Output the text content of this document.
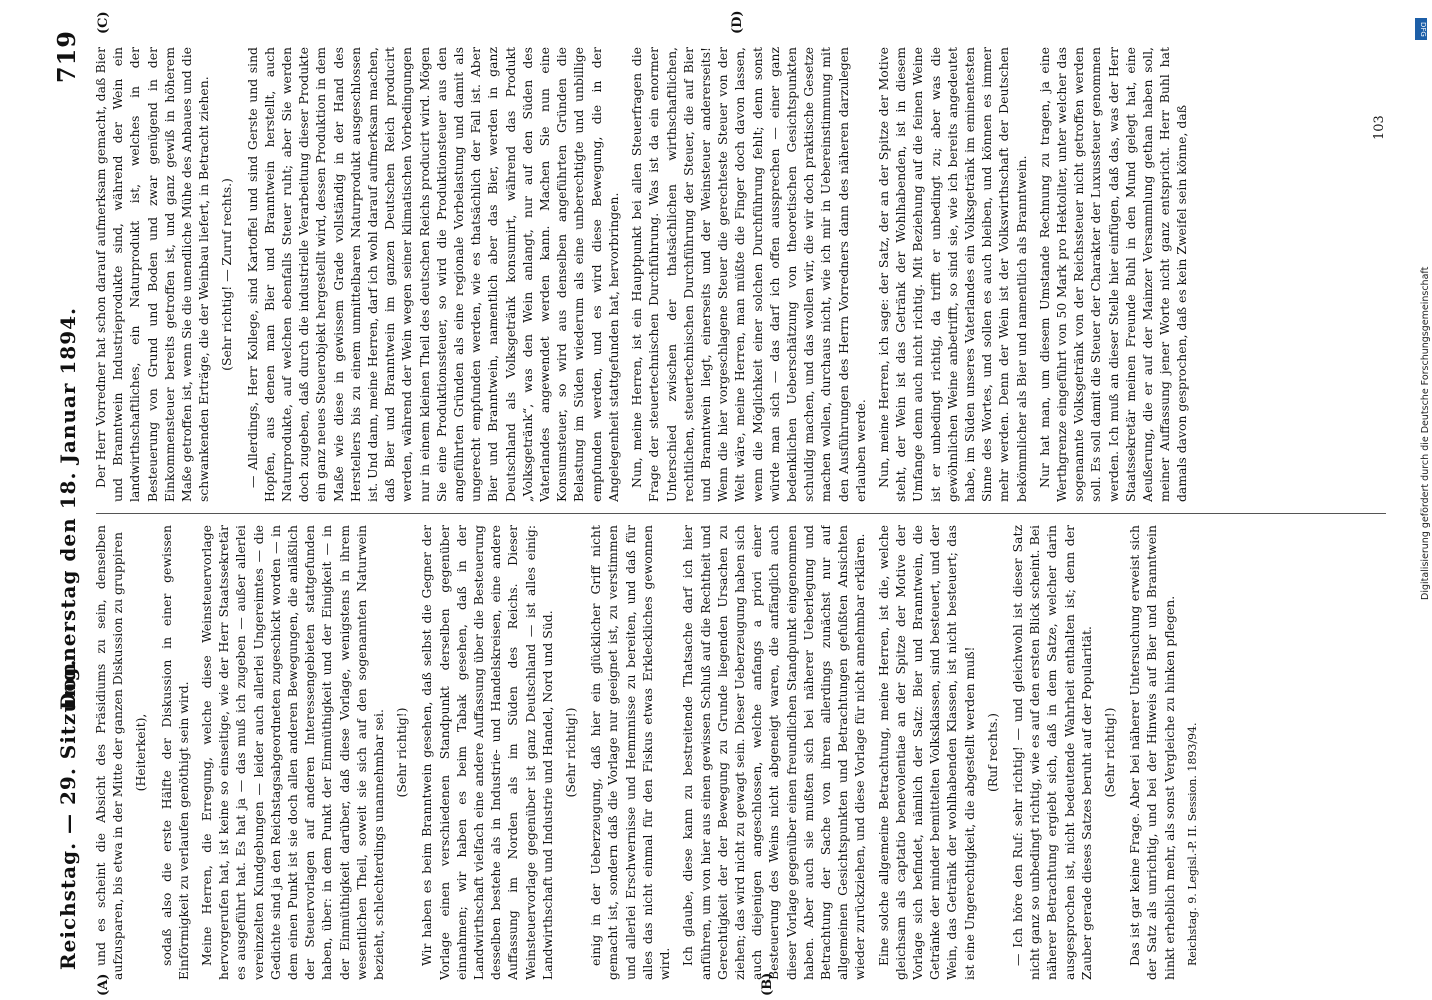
Reichstag. — 29. Sitzung.
Donnerstag den 18. Januar 1894.
719
(A)	(B)
(C)	(D)

und es scheint die Absicht des Präsidiums zu sein, denselben aufzusparen, bis etwa in der Mitte der ganzen Diskussion zu gruppiren (Heiterkeit), sodaß also die erste Hälfte der Diskussion in einer gewissen Einförmigkeit zu verlaufen genöthigt sein wird. Meine Herren, die Erregung, welche diese Weinsteuervorlage hervorgerufen hat, ist keine so einseitige, wie der Herr Staatssekretär es ausgeführt hat. Es hat ja — das muß ich zugeben — außer allerlei vereinzelten Kundgebungen — leider auch allerlei Ungereimtes — die Gedichte sind ja den Reichstagsabgeordneten zugeschickt worden — in dem einen Punkt ist sie doch allen anderen Bewegungen, die anläßlich der Steuervorlagen auf anderen Interessengebieten stattgefunden haben, über: in dem Punkt der Einmüthigkeit und der Einigkeit — in der Einmüthigkeit darüber, daß diese Vorlage, wenigstens in ihrem wesentlichen Theil, soweit sie sich auf den sogenannten Naturwein bezieht, schlechterdings unannehmbar sei. (Sehr richtig!) Wir haben es beim Branntwein gesehen, daß selbst die Gegner der Vorlage einen verschiedenen Standpunkt derselben gegenüber einnahmen; wir haben es beim Tabak gesehen, daß in der Landwirthschaft vielfach eine andere Auffassung über die Besteuerung desselben bestehe als in Industrie- und Handelskreisen, eine andere Auffassung im Norden als im Süden des Reichs. Dieser Weinsteuervorlage gegenüber ist ganz Deutschland — ist alles einig: Landwirthschaft und Industrie und Handel, Nord und Süd. (Sehr richtig!) einig in der Ueberzeugung, daß hier ein glücklicher Griff nicht gemacht ist, sondern daß die Vorlage nur geeignet ist, zu verstimmen und allerlei Erschwernisse und Hemmnisse zu bereiten, und daß für alles das nicht einmal für den Fiskus etwas Erkleckliches gewonnen wird. Ich glaube, diese kann zu bestreitende Thatsache darf ich hier anführen, um von hier aus einen gewissen Schluß auf die Rechtheit und Gerechtigkeit der der Bewegung zu Grunde liegenden Ursachen zu ziehen; das wird nicht zu gewagt sein. Dieser Ueberzeugung haben sich auch diejenigen angeschlossen, welche anfangs a priori einer Besteuerung des Weins nicht abgeneigt waren, die anfänglich auch dieser Vorlage gegenüber einen freundlichen Standpunkt eingenommen haben. Aber auch sie mußten sich bei näherer Ueberlegung und Betrachtung der Sache von ihren allerdings zunächst nur auf allgemeinen Gesichtspunkten und Betrachtungen gefußten Ansichten wieder zurückziehen, und diese Vorlage für nicht annehmbar erklären. Eine solche allgemeine Betrachtung, meine Herren, ist die, welche gleichsam als captatio benevolentiae an der Spitze der Motive der Vorlage sich befindet, nämlich der Satz: Bier und Branntwein, die Getränke der minder bemittelten Volksklassen, sind besteuert, und der Wein, das Getränk der wohlhabenden Klassen, ist nicht besteuert; das ist eine Ungerechtigkeit, die abgestellt werden muß! (Ruf rechts.) — Ich höre den Ruf: sehr richtig! — und gleichwohl ist dieser Satz nicht ganz so unbedingt richtig, wie es auf den ersten Blick scheint. Bei näherer Betrachtung ergiebt sich, daß in dem Satze, welcher darin ausgesprochen ist, nicht bedeutende Wahrheit enthalten ist; denn der Zauber gerade dieses Satzes beruht auf der Popularität. (Sehr richtig!) Das ist gar keine Frage. Aber bei näherer Untersuchung erweist sich der Satz als unrichtig, und bei der Hinweis auf Bier und Branntwein hinkt erheblich mehr, als sonst Vergleiche zu hinken pflegen. Reichstag. 9. Legisl.-P. II. Session. 1893/94.

Der Herr Vorredner hat schon darauf aufmerksam gemacht, daß Bier und Branntwein Industrieprodukte sind, während der Wein ein landwirthschaftliches, ein Naturprodukt ist, welches in der Besteuerung von Grund und Boden und zwar genügend in der Einkommensteuer bereits getroffen ist, und ganz gewiß in höherem Maße getroffen ist, wenn Sie die unendliche Mühe des Anbaues und die schwankenden Erträge, die der Weinbau liefert, in Betracht ziehen. (Sehr richtig! — Zuruf rechts.) — Allerdings, Herr Kollege, sind Kartoffel und sind Gerste und sind Hopfen, aus denen man Bier und Branntwein herstellt, auch Naturprodukte, auf welchen ebenfalls Steuer ruht; aber Sie werden doch zugeben, daß durch die industrielle Verarbeitung dieser Produkte ein ganz neues Steuerobjekt hergestellt wird, dessen Produktion in dem Maße wie diese in gewissem Grade vollständig in der Hand des Herstellers bis zu einem unmittelbaren Naturprodukt ausgeschlossen ist. Und dann, meine Herren, darf ich wohl darauf aufmerksam machen, daß Bier und Branntwein im ganzen Deutschen Reich producirt werden, während der Wein wegen seiner klimatischen Vorbedingungen nur in einem kleinen Theil des deutschen Reichs producirt wird. Mögen Sie eine Produktionssteuer, so wird die Produktionsteuer aus den angeführten Gründen als eine regionale Vorbelastung und damit als ungerecht empfunden werden, wie es thatsächlich der Fall ist. Aber Bier und Branntwein, namentlich aber das Bier, werden in ganz Deutschland als Volksgetränk konsumirt, während das Produkt „Volksgetränk“, was den Wein anlangt, nur auf den Süden des Vaterlandes angewendet werden kann. Machen Sie nun eine Konsumsteuer, so wird aus denselben angeführten Gründen die Belastung im Süden wiederum als eine unberechtigte und unbillige empfunden werden, und es wird diese Bewegung, die in der Angelegenheit stattgefunden hat, hervorbringen. Nun, meine Herren, ist ein Hauptpunkt bei allen Steuerfragen die Frage der steuertechnischen Durchführung. Was ist da ein enormer Unterschied zwischen der thatsächlichen wirthschaftlichen, rechtlichen, steuertechnischen Durchführung der Steuer, die auf Bier und Branntwein liegt, einerseits und der Weinsteuer andererseits! Wenn die hier vorgeschlagene Steuer die gerechteste Steuer von der Welt wäre, meine Herren, man müßte die Finger doch davon lassen, wenn die Möglichkeit einer solchen Durchführung fehlt; denn sonst würde man sich — das darf ich offen aussprechen — einer ganz bedenklichen Ueberschätzung von theoretischen Gesichtspunkten schuldig machen, und das wollen wir, die wir doch praktische Gesetze machen wollen, durchaus nicht, wie ich mir in Uebereinstimmung mit den Ausführungen des Herrn Vorredners dann des näheren darzulegen erlauben werde. Nun, meine Herren, ich sage: der Satz, der an der Spitze der Motive steht, der Wein ist das Getränk der Wohlhabenden, ist in diesem Umfange denn auch nicht richtig. Mit Beziehung auf die feinen Weine ist er unbedingt richtig, da trifft er unbedingt zu; aber was die gewöhnlichen Weine anbetrifft, so sind sie, wie ich bereits angedeutet habe, im Süden unseres Vaterlandes ein Volksgetränk im eminentesten Sinne des Wortes, und sollen es auch bleiben, und können es immer mehr werden. Denn der Wein ist der Volkswirthschaft der Deutschen bekömmlicher als Bier und namentlich als Branntwein. Nur hat man, um diesem Umstande Rechnung zu tragen, ja eine Werthgrenze eingeführt von 50 Mark pro Hektoliter, unter welcher das sogenannte Volksgetränk von der Reichssteuer nicht getroffen werden soll. Es soll damit die Steuer der Charakter der Luxussteuer genommen werden. Ich muß an dieser Stelle hier einfügen, daß das, was der Herr Staatssekretär meinen Freunde Buhl in den Mund gelegt hat, eine Aeußerung, die er auf der Mainzer Versammlung gethan haben soll, meiner Auffassung jener Worte nicht ganz entspricht. Herr Buhl hat damals davon gesprochen, daß es kein Zweifel sein könne, daß	103
Digitalisierung gefördert durch die Deutsche Forschungsgemeinschaft
DFG
